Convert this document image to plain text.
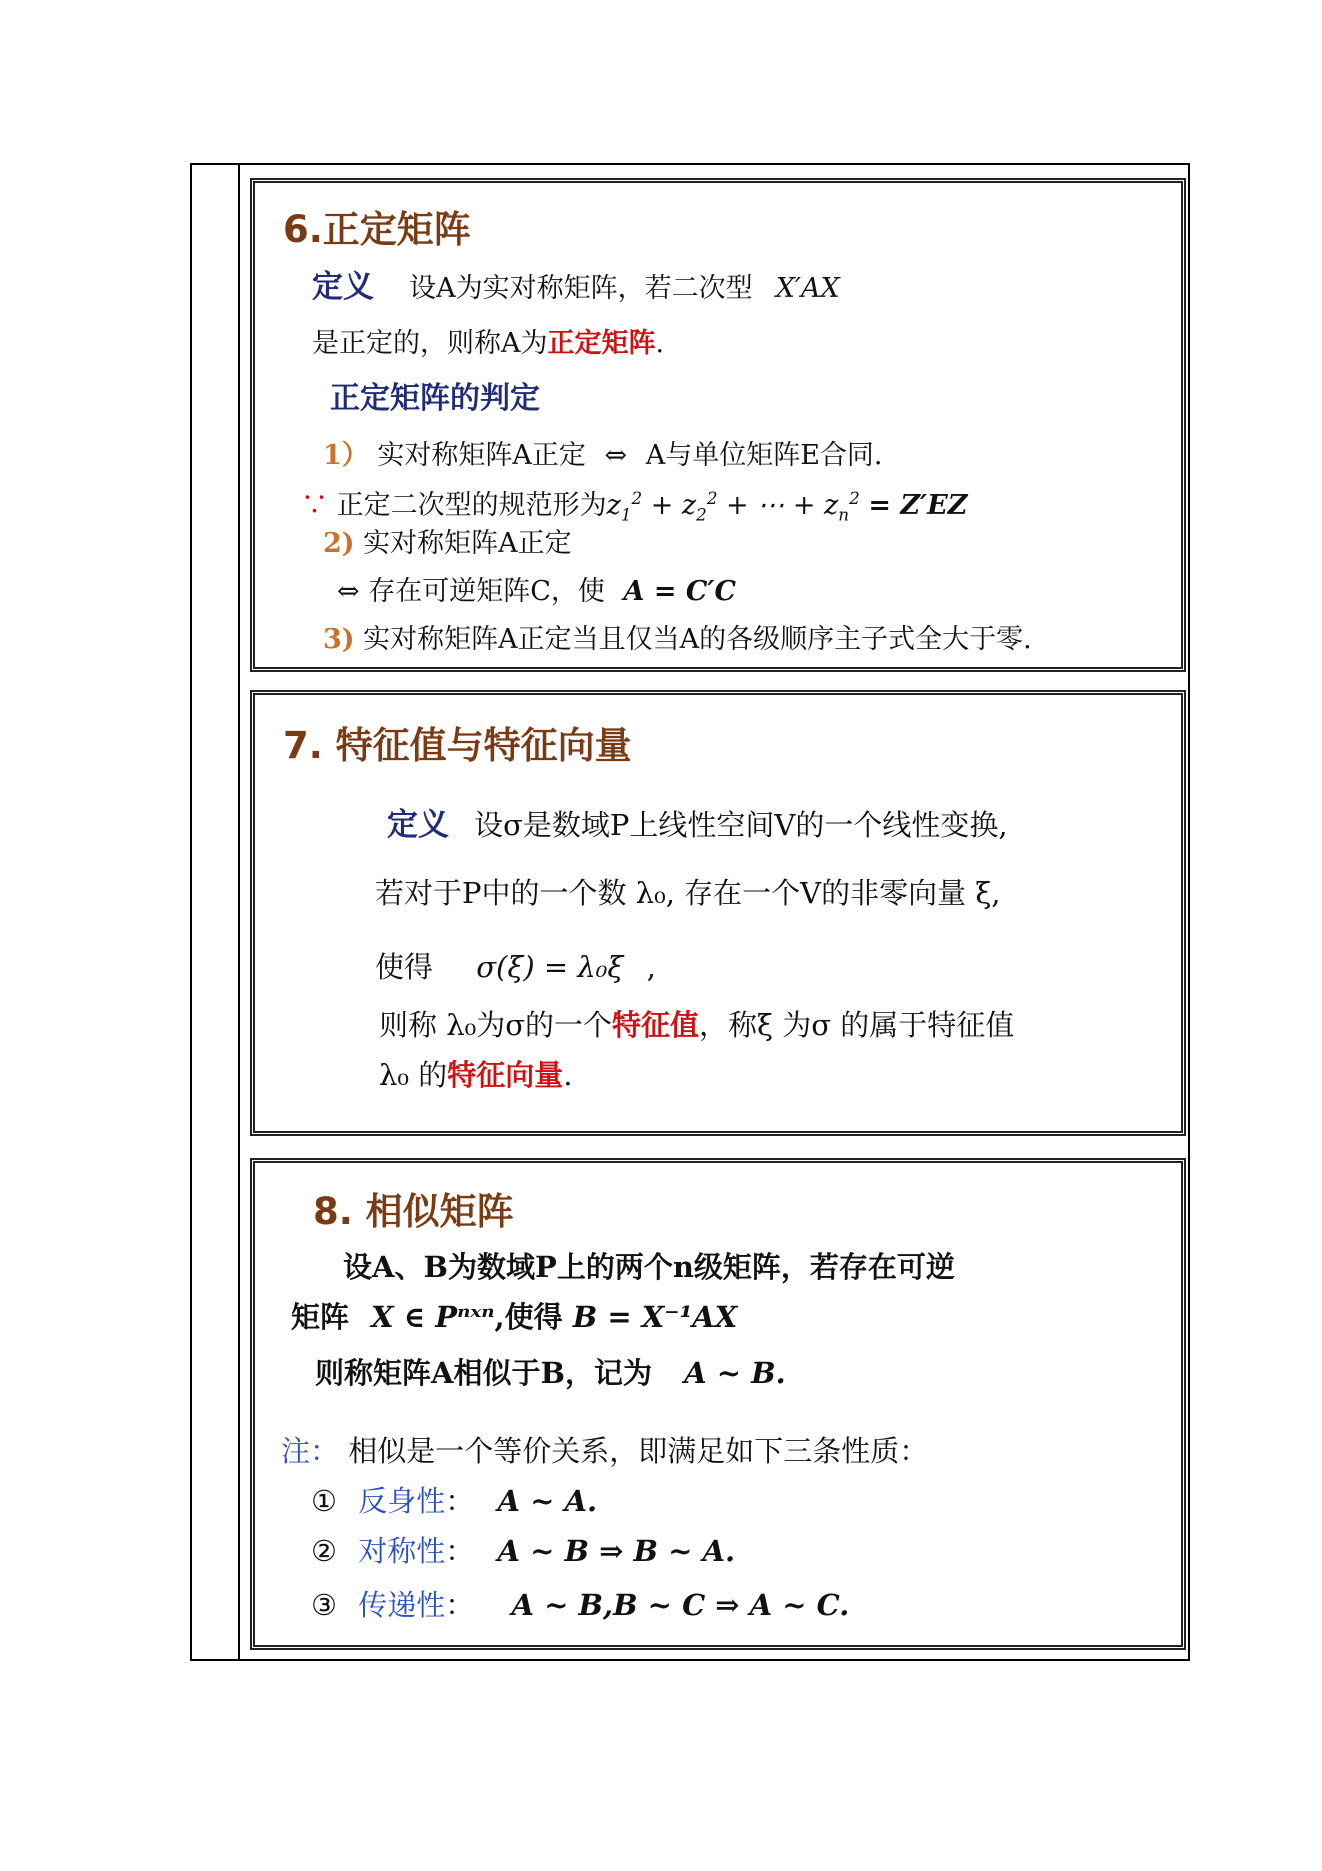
6.正定矩阵
定义 设A为实对称矩阵，若二次型 X′AX
是正定的，则称A为正定矩阵.
正定矩阵的判定
1） 实对称矩阵A正定 ⇔ A与单位矩阵E合同.
∵ 正定二次型的规范形为$z_1^2 + z_2^2$ + ⋯ + $z_n^2 = Z'EZ$
2) 实对称矩阵A正定
⇔ 存在可逆矩阵C，使 A = C′C
3) 实对称矩阵A正定当且仅当A的各级顺序主子式全大于零.
7. 特征值与特征向量
定义 设σ是数域P上线性空间V的一个线性变换,
若对于P中的一个数 λ₀, 存在一个V的非零向量 ξ,
使得 σ(ξ) = λ₀ξ ,
则称 λ₀为σ的一个特征值，称ξ 为σ 的属于特征值
λ₀ 的特征向量.
8. 相似矩阵
设A、B为数域P上的两个n级矩阵，若存在可逆
矩阵 X ∈ Pⁿˣⁿ,使得 B = X⁻¹AX
则称矩阵A相似于B，记为 A ~ B.
注： 相似是一个等价关系，即满足如下三条性质：
① 反身性： A ~ A.
② 对称性： A ~ B ⇒ B ~ A.
③ 传递性： A ~ B,B ~ C ⇒ A ~ C.
